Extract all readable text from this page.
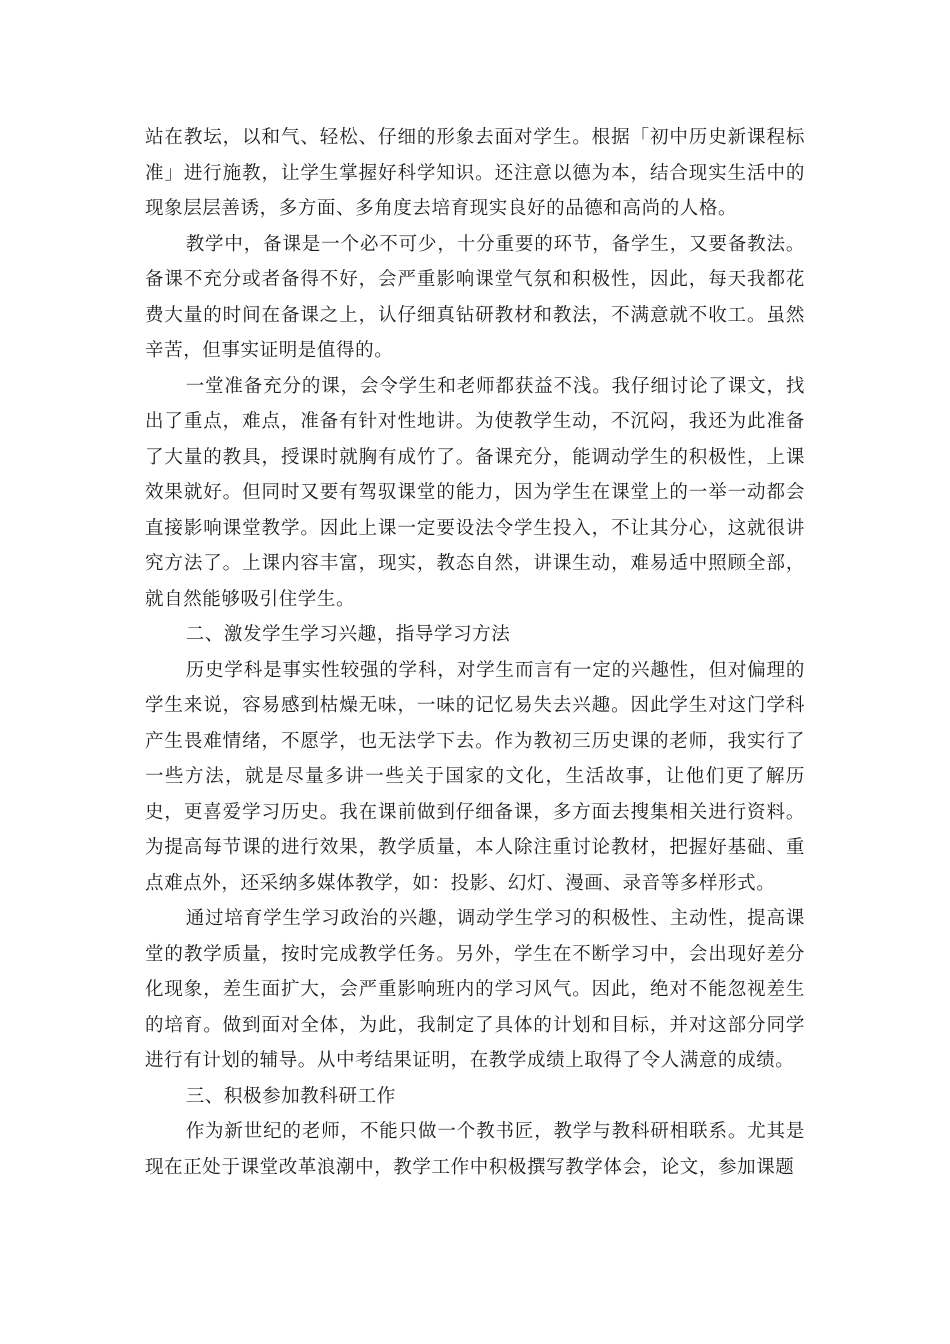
站在教坛，以和气、轻松、仔细的形象去面对学生。根据「初中历史新课程标准」进行施教，让学生掌握好科学知识。还注意以德为本，结合现实生活中的现象层层善诱，多方面、多角度去培育现实良好的品德和高尚的人格。

教学中，备课是一个必不可少，十分重要的环节，备学生，又要备教法。备课不充分或者备得不好，会严重影响课堂气氛和积极性，因此，每天我都花费大量的时间在备课之上，认仔细真钻研教材和教法，不满意就不收工。虽然辛苦，但事实证明是值得的。

一堂准备充分的课，会令学生和老师都获益不浅。我仔细讨论了课文，找出了重点，难点，准备有针对性地讲。为使教学生动，不沉闷，我还为此准备了大量的教具，授课时就胸有成竹了。备课充分，能调动学生的积极性，上课效果就好。但同时又要有驾驭课堂的能力，因为学生在课堂上的一举一动都会直接影响课堂教学。因此上课一定要设法令学生投入，不让其分心，这就很讲究方法了。上课内容丰富，现实，教态自然，讲课生动，难易适中照顾全部，就自然能够吸引住学生。

二、激发学生学习兴趣，指导学习方法

历史学科是事实性较强的学科，对学生而言有一定的兴趣性，但对偏理的学生来说，容易感到枯燥无味，一味的记忆易失去兴趣。因此学生对这门学科产生畏难情绪，不愿学，也无法学下去。作为教初三历史课的老师，我实行了一些方法，就是尽量多讲一些关于国家的文化，生活故事，让他们更了解历史，更喜爱学习历史。我在课前做到仔细备课，多方面去搜集相关进行资料。为提高每节课的进行效果，教学质量，本人除注重讨论教材，把握好基础、重点难点外，还采纳多媒体教学，如：投影、幻灯、漫画、录音等多样形式。

通过培育学生学习政治的兴趣，调动学生学习的积极性、主动性，提高课堂的教学质量，按时完成教学任务。另外，学生在不断学习中，会出现好差分化现象，差生面扩大，会严重影响班内的学习风气。因此，绝对不能忽视差生的培育。做到面对全体，为此，我制定了具体的计划和目标，并对这部分同学进行有计划的辅导。从中考结果证明，在教学成绩上取得了令人满意的成绩。

三、积极参加教科研工作

作为新世纪的老师，不能只做一个教书匠，教学与教科研相联系。尤其是现在正处于课堂改革浪潮中，教学工作中积极撰写教学体会，论文，参加课题
